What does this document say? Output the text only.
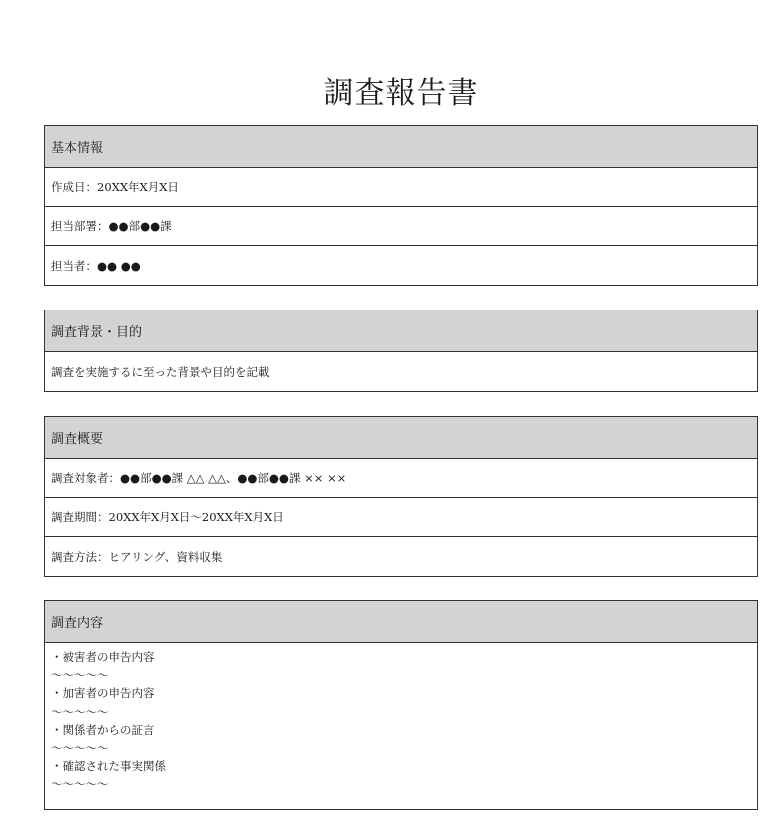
調査報告書
基本情報
作成日：20XX年X月X日
担当部署：●●部●●課
担当者：●● ●●
調査背景・目的
調査を実施するに至った背景や目的を記載
調査概要
調査対象者：●●部●●課 △△ △△、●●部●●課 ×× ××
調査期間：20XX年X月X日～20XX年X月X日
調査方法：ヒアリング、資料収集
調査内容
・被害者の申告内容
～～～～～
・加害者の申告内容
～～～～～
・関係者からの証言
～～～～～
・確認された事実関係
～～～～～
